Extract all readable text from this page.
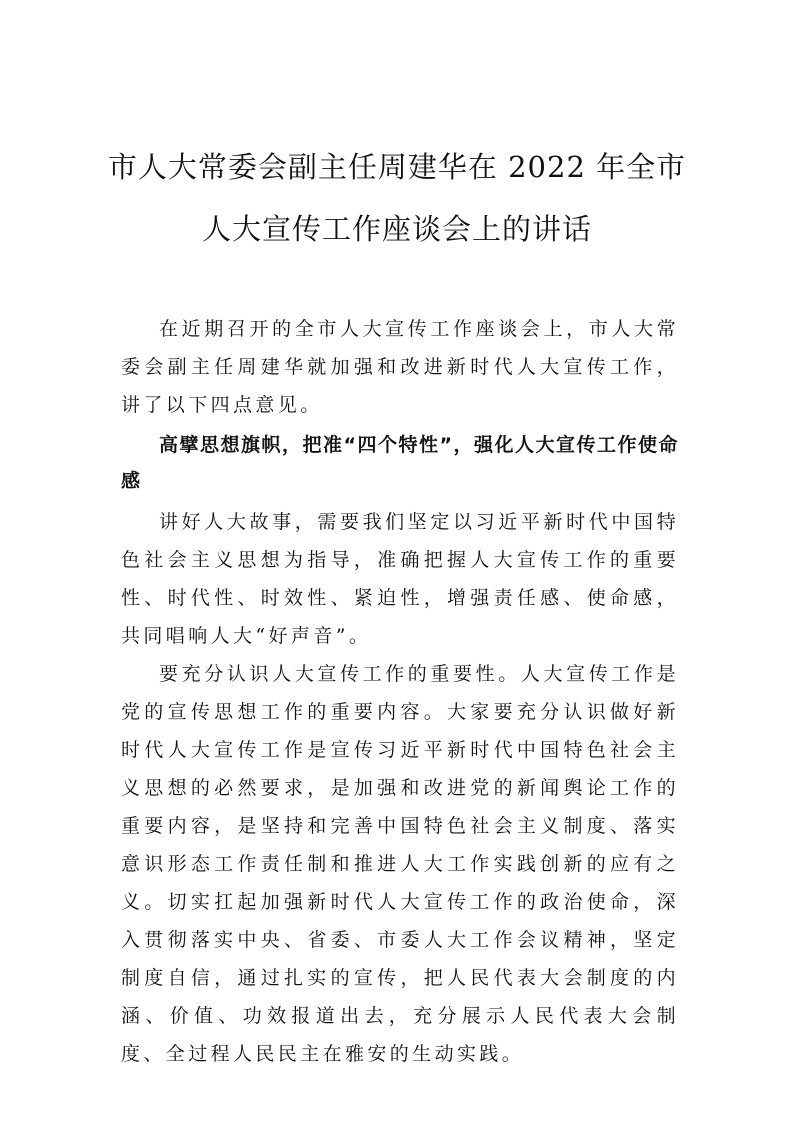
市人大常委会副主任周建华在 2022 年全市
人大宣传工作座谈会上的讲话

在近期召开的全市人大宣传工作座谈会上，市人大常委会副主任周建华就加强和改进新时代人大宣传工作，讲了以下四点意见。

高擘思想旗帜，把准“四个特性”，强化人大宣传工作使命感

讲好人大故事，需要我们坚定以习近平新时代中国特色社会主义思想为指导，准确把握人大宣传工作的重要性、时代性、时效性、紧迫性，增强责任感、使命感，共同唱响人大“好声音”。

要充分认识人大宣传工作的重要性。人大宣传工作是党的宣传思想工作的重要内容。大家要充分认识做好新时代人大宣传工作是宣传习近平新时代中国特色社会主义思想的必然要求，是加强和改进党的新闻舆论工作的重要内容，是坚持和完善中国特色社会主义制度、落实意识形态工作责任制和推进人大工作实践创新的应有之义。切实扛起加强新时代人大宣传工作的政治使命，深入贯彻落实中央、省委、市委人大工作会议精神，坚定制度自信，通过扎实的宣传，把人民代表大会制度的内涵、价值、功效报道出去，充分展示人民代表大会制度、全过程人民民主在雅安的生动实践。
